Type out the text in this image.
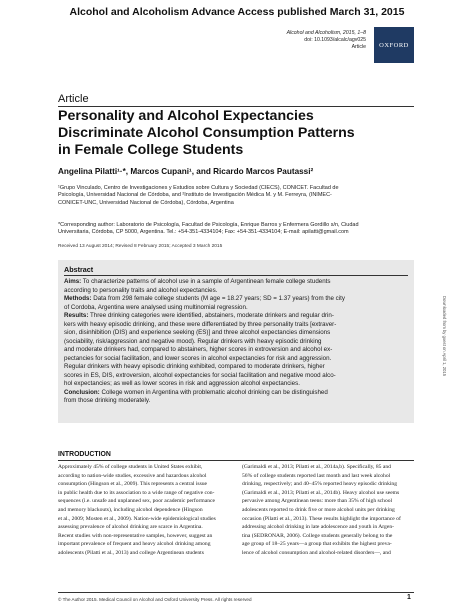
Alcohol and Alcoholism Advance Access published March 31, 2015
Alcohol and Alcoholism, 2015, 1–8
doi: 10.1093/alcalc/agv025
Article	OXFORD
Article
Personality and Alcohol Expectancies
Discriminate Alcohol Consumption Patterns
in Female College Students
Angelina Pilatti¹·*, Marcos Cupani¹, and Ricardo Marcos Pautassi²
¹Grupo Vinculado, Centro de Investigaciones y Estudios sobre Cultura y Sociedad (CIECS), CONICET. Facultad de
Psicología, Universidad Nacional de Córdoba, and ²Instituto de Investigación Médica M. y M. Ferreyra, (INIMEC-
CONICET-UNC, Universidad Nacional de Córdoba), Córdoba, Argentina
*Corresponding author: Laboratorio de Psicología, Facultad de Psicología, Enrique Barros y Enfermera Gordillo s/n, Ciudad
Universitaria, Córdoba, CP 5000, Argentina. Tel.: +54-351-4334104; Fax: +54-351-4334104; E-mail: apilatti@gmail.com
Received 13 August 2014; Revised 8 February 2015; Accepted 3 March 2015
Abstract
Aims: To characterize patterns of alcohol use in a sample of Argentinean female college students
according to personality traits and alcohol expectancies.
Methods: Data from 298 female college students (M age = 18.27 years; SD = 1.37 years) from the city
of Cordoba, Argentina were analysed using multinomial regression.
Results: Three drinking categories were identified, abstainers, moderate drinkers and regular drin-
kers with heavy episodic drinking, and these were differentiated by three personality traits [extraver-
sion, disinhibition (DIS) and experience seeking (ES)] and three alcohol expectancies dimensions
(sociability, risk/aggression and negative mood). Regular drinkers with heavy episodic drinking
and moderate drinkers had, compared to abstainers, higher scores in extroversion and alcohol ex-
pectancies for social facilitation, and lower scores in alcohol expectancies for risk and aggression.
Regular drinkers with heavy episodic drinking exhibited, compared to moderate drinkers, higher
scores in ES, DIS, extroversion, alcohol expectancies for social facilitation and negative mood alco-
hol expectancies; as well as lower scores in risk and aggression alcohol expectancies.
Conclusion: College women in Argentina with problematic alcohol drinking can be distinguished
from those drinking moderately.
INTRODUCTION
Approximately 45% of college students in United States exhibit,
according to nation-wide studies, excessive and hazardous alcohol
consumption (Hingson et al., 2009). This represents a central issue
in public health due to its association to a wide range of negative con-
sequences (i.e. unsafe and unplanned sex, poor academic performance
and memory blackouts), including alcohol dependence (Hingson
et al., 2009; Mosten et al., 2009). Nation-wide epidemiological studies
assessing prevalence of alcohol drinking are scarce in Argentina.
Recent studies with non-representative samples, however, suggest an
important prevalence of frequent and heavy alcohol drinking among
adolescents (Pilatti et al., 2013) and college Argentinean students
(Garimaldi et al., 2013; Pilatti et al., 2014a,b). Specifically, 85 and
56% of college students reported last month and last week alcohol
drinking, respectively; and 40–45% reported heavy episodic drinking
(Garimaldi et al., 2013; Pilatti et al., 2014b). Heavy alcohol use seems
pervasive among Argentinean teens: more than 35% of high school
adolescents reported to drink five or more alcohol units per drinking
occasion (Pilatti et al., 2013). These results highlight the importance of
addressing alcohol drinking in late adolescence and youth in Argen-
tina (SEDRONAR, 2006). College students generally belong to the
age group of 18–25 years—a group that exhibits the highest preva-
lence of alcohol consumption and alcohol-related disorders—, and
© The Author 2015. Medical Council on Alcohol and Oxford University Press. All rights reserved	1
Downloaded from by guest on April 1, 2015
